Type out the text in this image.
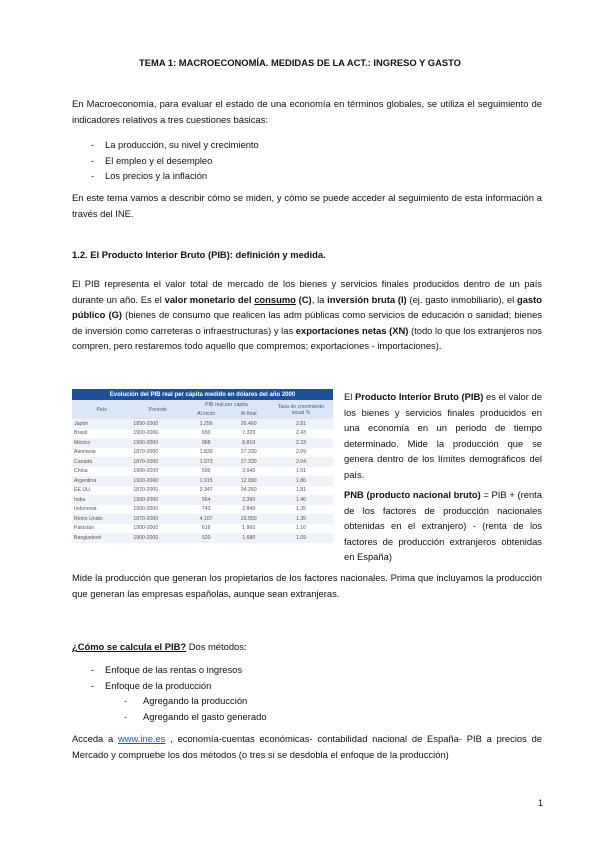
TEMA 1: MACROECONOMÍA. MEDIDAS DE LA ACT.: INGRESO Y GASTO

En Macroeconomía, para evaluar el estado de una economía en términos globales, se utiliza el seguimiento de indicadores relativos a tres cuestiones básicas:

- La producción, su nivel y crecimiento
- El empleo y el desempleo
- Los precios y la inflación

En este tema vamos a describir cómo se miden, y cómo se puede acceder al seguimiento de esta información a través del INE.

1.2. El Producto Interior Bruto (PIB): definición y medida.

El PIB representa el valor total de mercado de los bienes y servicios finales producidos dentro de un país durante un año. Es el valor monetario del consumo (C), la inversión bruta (I) (ej. gasto inmobiliario), el gasto público (G) (bienes de consumo que realicen las adm públicas como servicios de educación o sanidad; bienes de inversión como carreteras o infraestructuras) y las exportaciones netas (XN) (todo lo que los extranjeros nos compren, pero restaremos todo aquello que compremos; exportaciones - importaciones).

Evolución del PIB real per cápita medido en dólares del año 2000				
País	Periodo	PIB real per cápita		Tasa de crecimiento anual %
		Al inicio	Al final	
Japón	1890-2000	1.256	26.460	2.81
Brasil	1900-2000	650	7.320	2.43
México	1900-2000	968	8.810	2.23
Alemania	1870-2000	1.839	27.330	2.09
Canadá	1870-2000	1.973	27.330	2.04
China	1900-2000	599	3.940	1.91
Argentina	1900-2000	1.915	12.090	1.86
EE.UU.	1870-2000	3.347	34.260	1.81
India	1900-2000	564	2.390	1.46
Indonesia	1900-2000	743	2.840	1.35
Reino Unido	1870-2000	4.107	23.550	1.35
Pakistán	1900-2000	616	1.960	1.16
Bangladesh	1900-2000	520	1.680	1.09

El Producto Interior Bruto (PIB) es el valor de los bienes y servicios finales producidos en una economía en un periodo de tiempo determinado. Mide la producción que se genera dentro de los límites demográficos del país.

PNB (producto nacional bruto) = PIB + (renta de los factores de producción nacionales obtenidas en el extranjero) - (renta de los factores de producción extranjeros obtenidas en España)

Mide la producción que generan los propietarios de los factores nacionales. Prima que incluyamos la producción que generan las empresas españolas, aunque sean extranjeras.

¿Cómo se calcula el PIB? Dos métodos:

- Enfoque de las rentas o ingresos
- Enfoque de la producción
- Agregando la producción
- Agregando el gasto generado

Acceda a www.ine.es , economía-cuentas económicas- contabilidad nacional de España- PIB a precios de Mercado y compruebe los dos métodos (o tres si se desdobla el enfoque de la producción)

1
